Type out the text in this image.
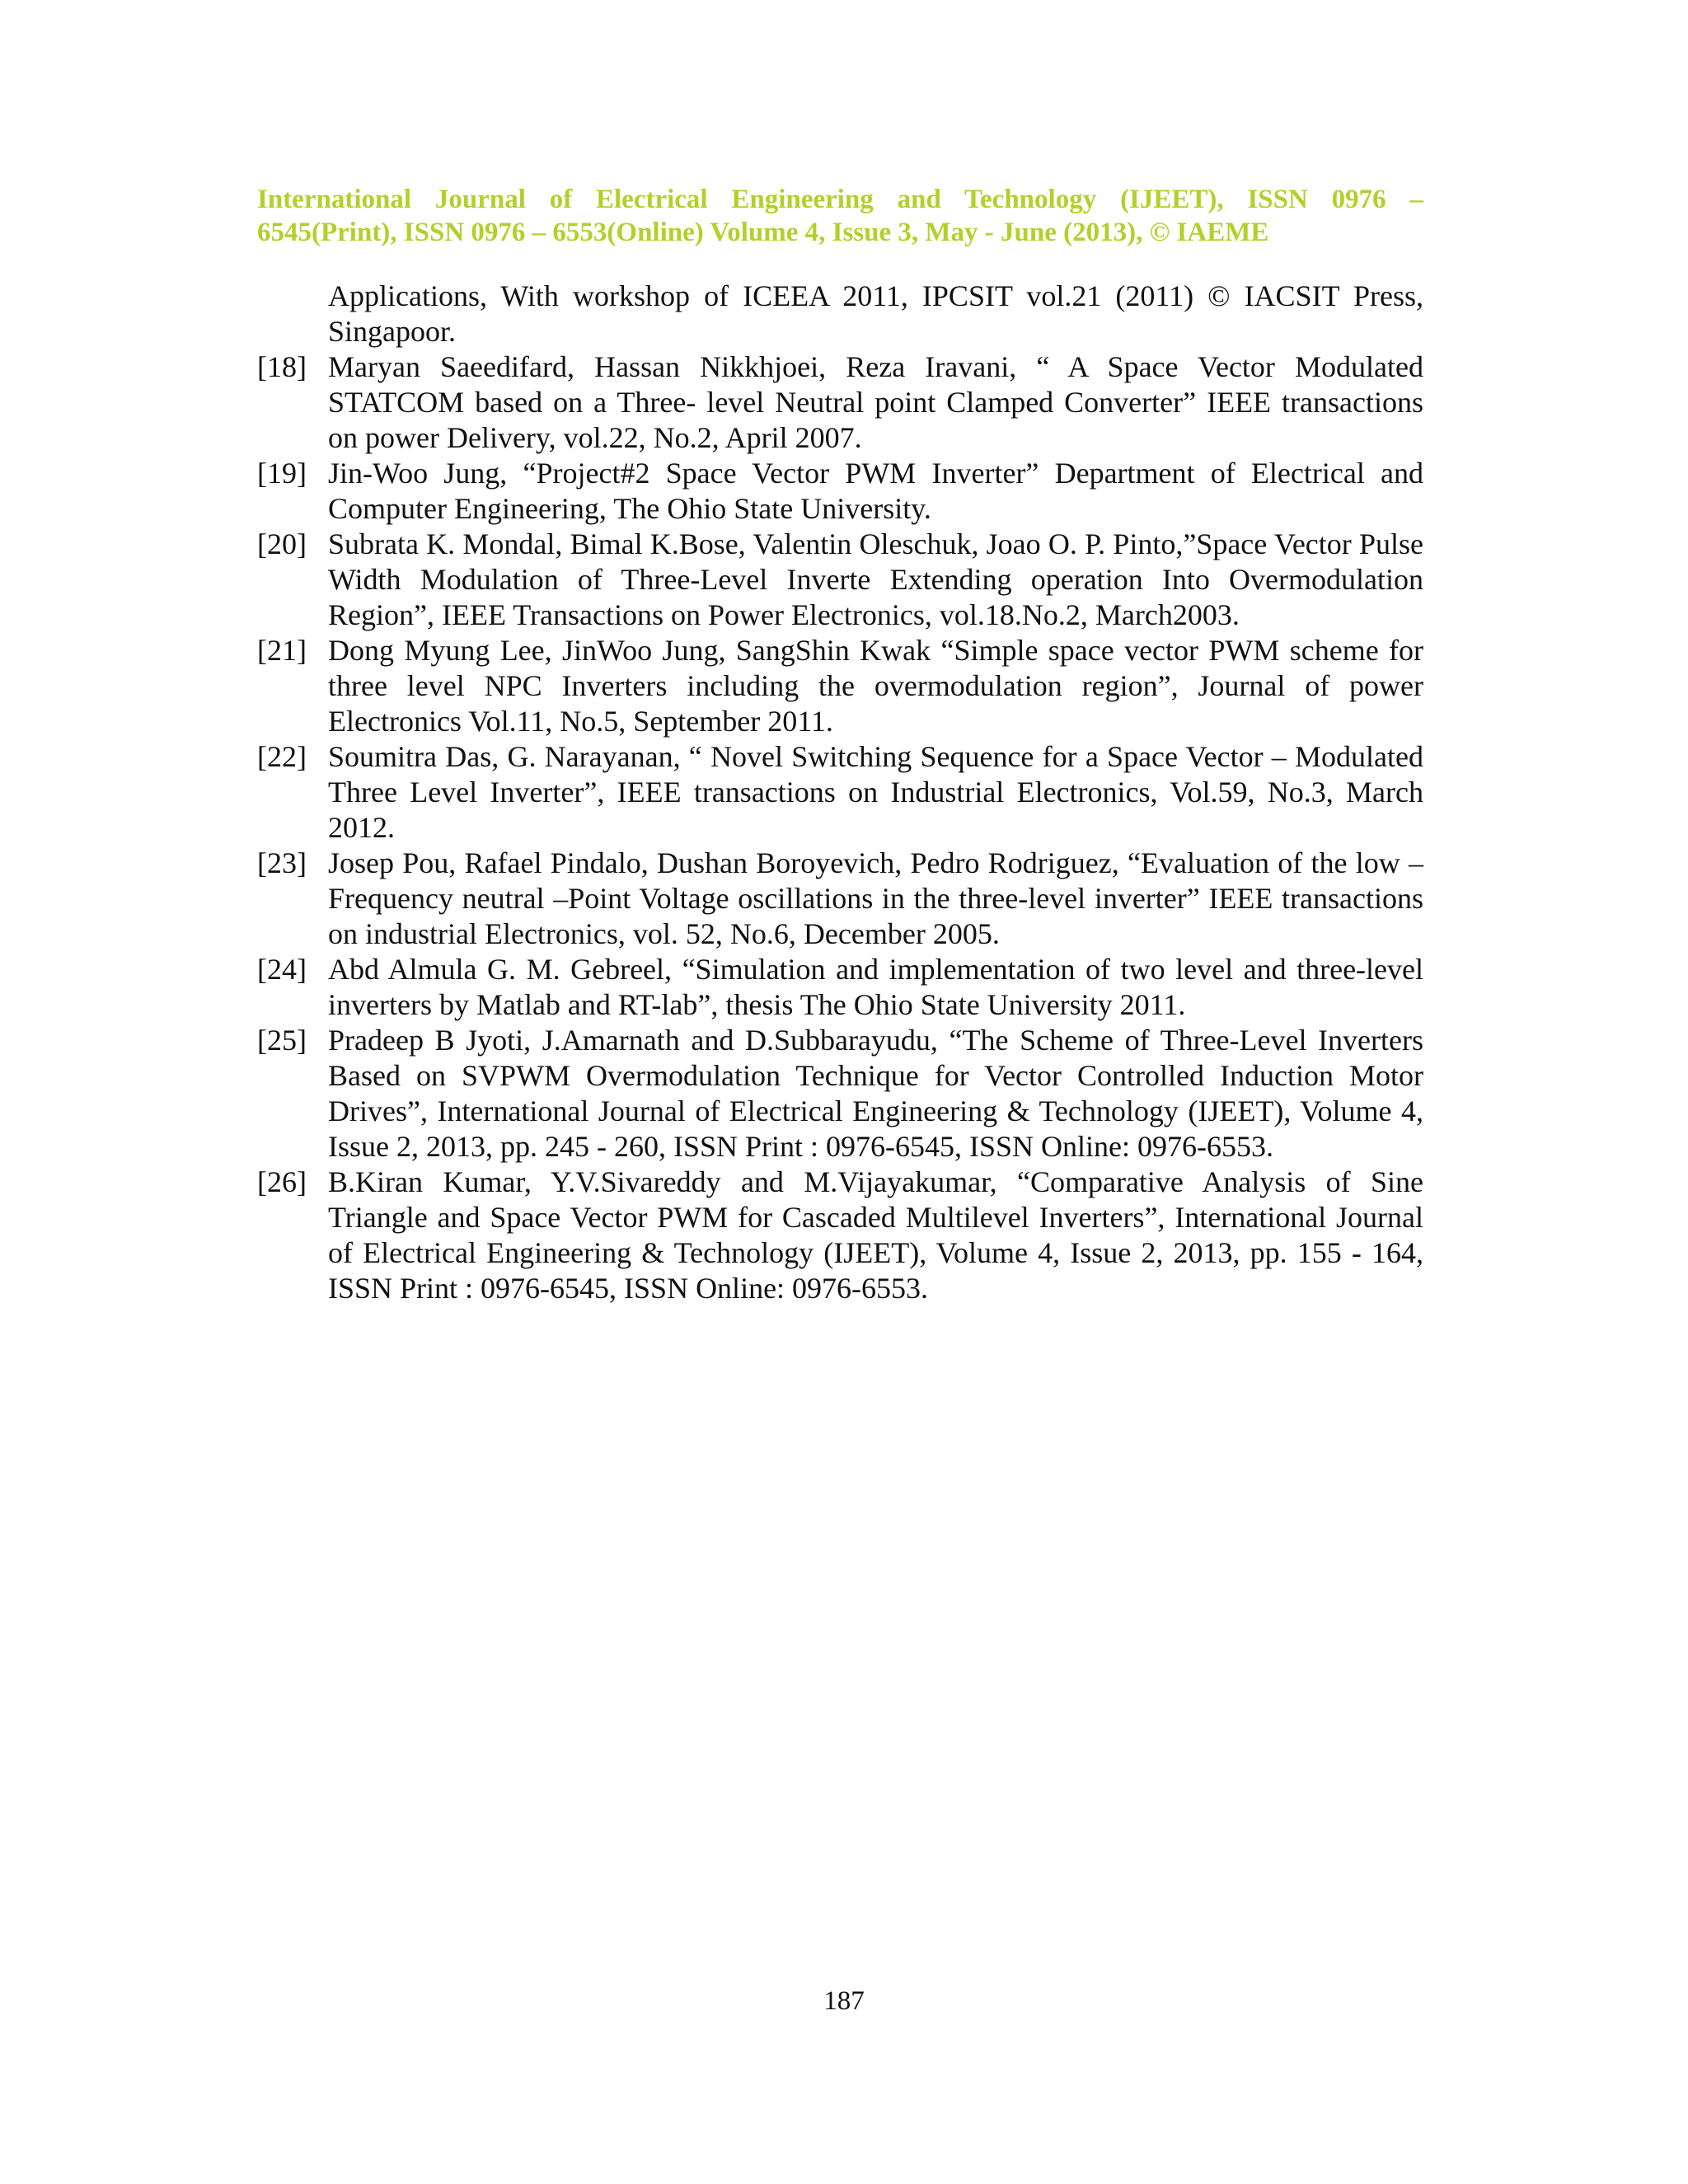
International Journal of Electrical Engineering and Technology (IJEET), ISSN 0976 –
6545(Print), ISSN 0976 – 6553(Online) Volume 4, Issue 3, May - June (2013), © IAEME

Applications, With workshop of ICEEA 2011, IPCSIT vol.21 (2011) © IACSIT Press, Singapoor.

[18] Maryan Saeedifard, Hassan Nikkhjoei, Reza Iravani, “ A Space Vector Modulated STATCOM based on a Three- level Neutral point Clamped Converter” IEEE transactions on power Delivery, vol.22, No.2, April 2007.

[19] Jin-Woo Jung, “Project#2 Space Vector PWM Inverter” Department of Electrical and Computer Engineering, The Ohio State University.

[20] Subrata K. Mondal, Bimal K.Bose, Valentin Oleschuk, Joao O. P. Pinto,”Space Vector Pulse Width Modulation of Three-Level Inverte Extending operation Into Overmodulation Region”, IEEE Transactions on Power Electronics, vol.18.No.2, March2003.

[21] Dong Myung Lee, JinWoo Jung, SangShin Kwak “Simple space vector PWM scheme for three level NPC Inverters including the overmodulation region”, Journal of power Electronics Vol.11, No.5, September 2011.

[22] Soumitra Das, G. Narayanan, “ Novel Switching Sequence for a Space Vector – Modulated Three Level Inverter”, IEEE transactions on Industrial Electronics, Vol.59, No.3, March 2012.

[23] Josep Pou, Rafael Pindalo, Dushan Boroyevich, Pedro Rodriguez, “Evaluation of the low – Frequency neutral –Point Voltage oscillations in the three-level inverter” IEEE transactions on industrial Electronics, vol. 52, No.6, December 2005.

[24] Abd Almula G. M. Gebreel, “Simulation and implementation of two level and three-level inverters by Matlab and RT-lab”, thesis The Ohio State University 2011.

[25] Pradeep B Jyoti, J.Amarnath and D.Subbarayudu, “The Scheme of Three-Level Inverters Based on SVPWM Overmodulation Technique for Vector Controlled Induction Motor Drives”, International Journal of Electrical Engineering & Technology (IJEET), Volume 4, Issue 2, 2013, pp. 245 - 260, ISSN Print : 0976-6545, ISSN Online: 0976-6553.

[26] B.Kiran Kumar, Y.V.Sivareddy and M.Vijayakumar, “Comparative Analysis of Sine Triangle and Space Vector PWM for Cascaded Multilevel Inverters”, International Journal of Electrical Engineering & Technology (IJEET), Volume 4, Issue 2, 2013, pp. 155 - 164, ISSN Print : 0976-6545, ISSN Online: 0976-6553.

187
